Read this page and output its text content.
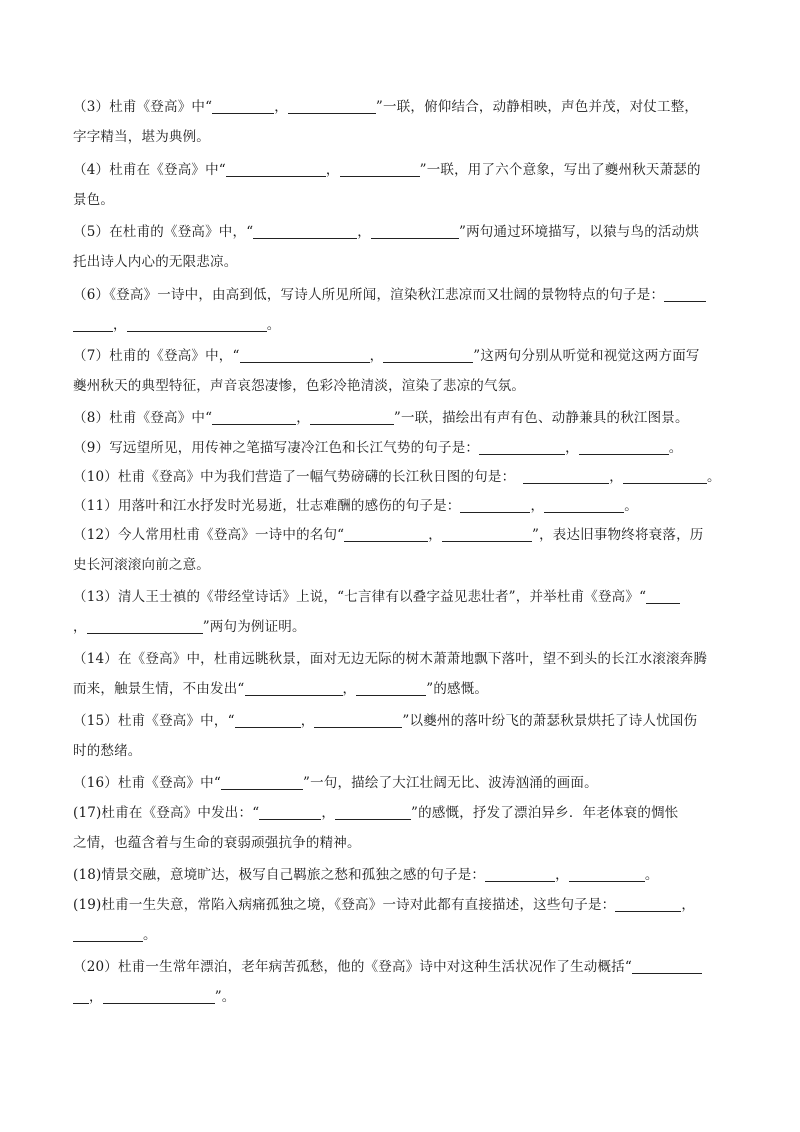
（3）杜甫《登高》中“	，	”一联，俯仰结合，动静相映，声色并茂，对仗工整，

字字精当，堪为典例。

（4）杜甫在《登高》中“	，	”一联，用了六个意象，写出了夔州秋天萧瑟的

景色。

（5）在杜甫的《登高》中，“	，	”两句通过环境描写，以猿与鸟的活动烘

托出诗人内心的无限悲凉。

（6）《登高》一诗中，由高到低，写诗人所见所闻，渲染秋江悲凉而又壮阔的景物特点的句子是：

，	。

（7）杜甫的《登高》中，“	，	”这两句分别从听觉和视觉这两方面写

夔州秋天的典型特征，声音哀怨凄惨，色彩冷艳清淡，渲染了悲凉的气氛。

（8）杜甫《登高》中“	，	”一联，描绘出有声有色、动静兼具的秋江图景。

（9）写远望所见，用传神之笔描写凄冷江色和长江气势的句子是：	，	。

（10）杜甫《登高》中为我们营造了一幅气势磅礴的长江秋日图的句是：	，	。

（11）用落叶和江水抒发时光易逝，壮志难酬的感伤的句子是：	，	。

（12）今人常用杜甫《登高》一诗中的名句“	，	”，表达旧事物终将衰落，历

史长河滚滚向前之意。

（13）清人王士禛的《带经堂诗话》上说，“七言律有以叠字益见悲壮者”，并举杜甫《登高》“

，	”两句为例证明。

（14）在《登高》中，杜甫远眺秋景，面对无边无际的树木萧萧地飘下落叶，望不到头的长江水滚滚奔腾

而来，触景生情，不由发出“	，	”的感慨。

（15）杜甫《登高》中，“	，	”以夔州的落叶纷飞的萧瑟秋景烘托了诗人忧国伤

时的愁绪。

（16）杜甫《登高》中“	”一句，描绘了大江壮阔无比、波涛汹涌的画面。

(17)杜甫在《登高》中发出：“	，	”的感慨，抒发了漂泊异乡．年老体衰的惆怅

之情，也蕴含着与生命的衰弱顽强抗争的精神。

(18)情景交融，意境旷达，极写自己羁旅之愁和孤独之感的句子是：	，	。

(19)杜甫一生失意，常陷入病痛孤独之境，《登高》一诗对此都有直接描述，这些句子是：	，

。

（20）杜甫一生常年漂泊，老年病苦孤愁，他的《登高》诗中对这种生活状况作了生动概括“

，	”。
